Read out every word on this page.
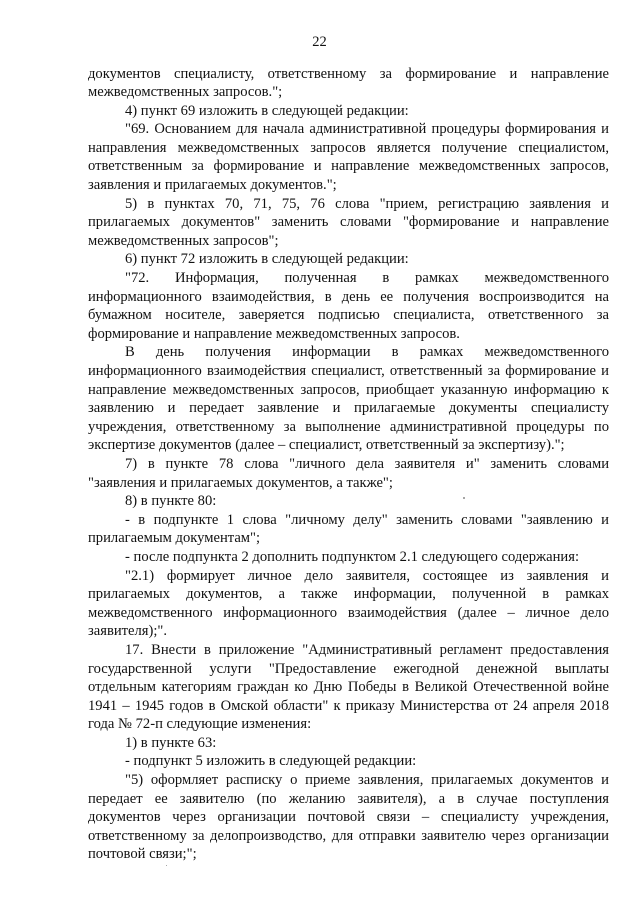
22

документов специалисту, ответственному за формирование и направление межведомственных запросов.";

4) пункт 69 изложить в следующей редакции:

"69. Основанием для начала административной процедуры формирования и направления межведомственных запросов является получение специалистом, ответственным за формирование и направление межведомственных запросов, заявления и прилагаемых документов.";

5) в пунктах 70, 71, 75, 76 слова "прием, регистрацию заявления и прилагаемых документов" заменить словами "формирование и направление межведомственных запросов";

6) пункт 72 изложить в следующей редакции:

"72. Информация, полученная в рамках межведомственного информационного взаимодействия, в день ее получения воспроизводится на бумажном носителе, заверяется подписью специалиста, ответственного за формирование и направление межведомственных запросов.

В день получения информации в рамках межведомственного информационного взаимодействия специалист, ответственный за формирование и направление межведомственных запросов, приобщает указанную информацию к заявлению и передает заявление и прилагаемые документы специалисту учреждения, ответственному за выполнение административной процедуры по экспертизе документов (далее – специалист, ответственный за экспертизу).";

7) в пункте 78 слова "личного дела заявителя и" заменить словами "заявления и прилагаемых документов, а также";

8) в пункте 80:

- в подпункте 1 слова "личному делу" заменить словами "заявлению и прилагаемым документам";

- после подпункта 2 дополнить подпунктом 2.1 следующего содержания:

"2.1) формирует личное дело заявителя, состоящее из заявления и прилагаемых документов, а также информации, полученной в рамках межведомственного информационного взаимодействия (далее – личное дело заявителя);".

17. Внести в приложение "Административный регламент предоставления государственной услуги "Предоставление ежегодной денежной выплаты отдельным категориям граждан ко Дню Победы в Великой Отечественной войне 1941 – 1945 годов в Омской области" к приказу Министерства от 24 апреля 2018 года № 72-п следующие изменения:

1) в пункте 63:

- подпункт 5 изложить в следующей редакции:

"5) оформляет расписку о приеме заявления, прилагаемых документов и передает ее заявителю (по желанию заявителя), а в случае поступления документов через организации почтовой связи – специалисту учреждения, ответственному за делопроизводство, для отправки заявителю через организации почтовой связи;";
